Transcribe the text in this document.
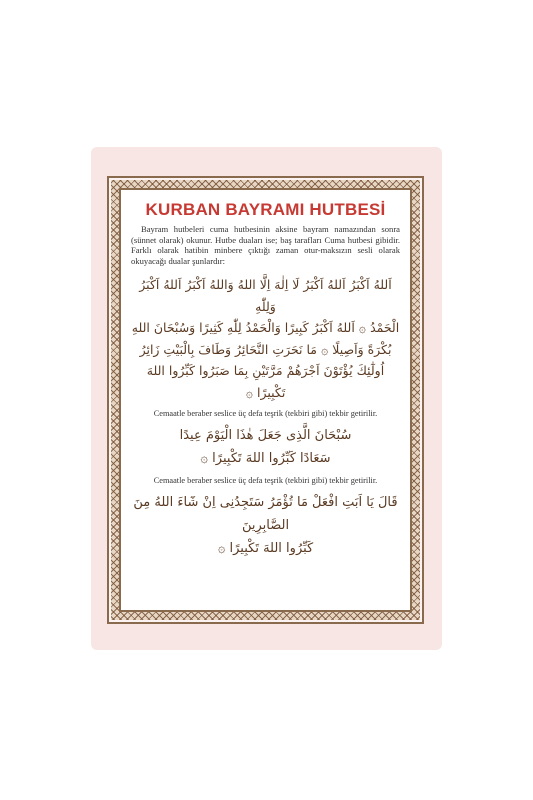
KURBAN BAYRAMI HUTBESİ

Bayram hutbeleri cuma hutbesinin aksine bayram namazından sonra (sünnet olarak) okunur. Hutbe duaları ise; baş tarafları Cuma hutbesi gibidir. Farklı olarak hatibin minbere çıktığı zaman otur-maksızın sesli olarak okuyacağı dualar şunlardır:

اَللهُ اَكْبَرُ اَللهُ اَكْبَرُ لَا اِلٰهَ اِلَّا اللهُ وَاللهُ اَكْبَرُ اَللهُ اَكْبَرُ وَلِلّٰهِ

الْحَمْدُ ۞ اَللهُ اَكْبَرُ كَبِيرًا وَالْحَمْدُ لِلّٰهِ كَثِيرًا وَسُبْحَانَ اللهِ

بُكْرَةً وَاَصِيلًا ۞ مَا نَحَرَتِ النَّحَائِرُ وَطَافَ بِالْبَيْتِ زَائِرُ

اُولٰٓئِكَ يُؤْتَوْنَ اَجْرَهُمْ مَرَّتَيْنِ بِمَا صَبَرُوا كَبِّرُوا اللهَ تَكْبِيرًا ۞

Cemaatle beraber seslice üç defa teşrik (tekbiri gibi) tekbir getirilir.

سُبْحَانَ الَّذِى جَعَلَ هٰذَا الْيَوْمَ عِيدًا

سَعَادًا كَبِّرُوا اللهَ تَكْبِيرًا ۞

Cemaatle beraber seslice üç defa teşrik (tekbiri gibi) tekbir getirilir.

قَالَ يَا اَبَتِ افْعَلْ مَا تُؤْمَرُ سَتَجِدُنِى اِنْ شَٓاءَ اللهُ مِنَ الصَّابِرِينَ

كَبِّرُوا اللهَ تَكْبِيرًا ۞
